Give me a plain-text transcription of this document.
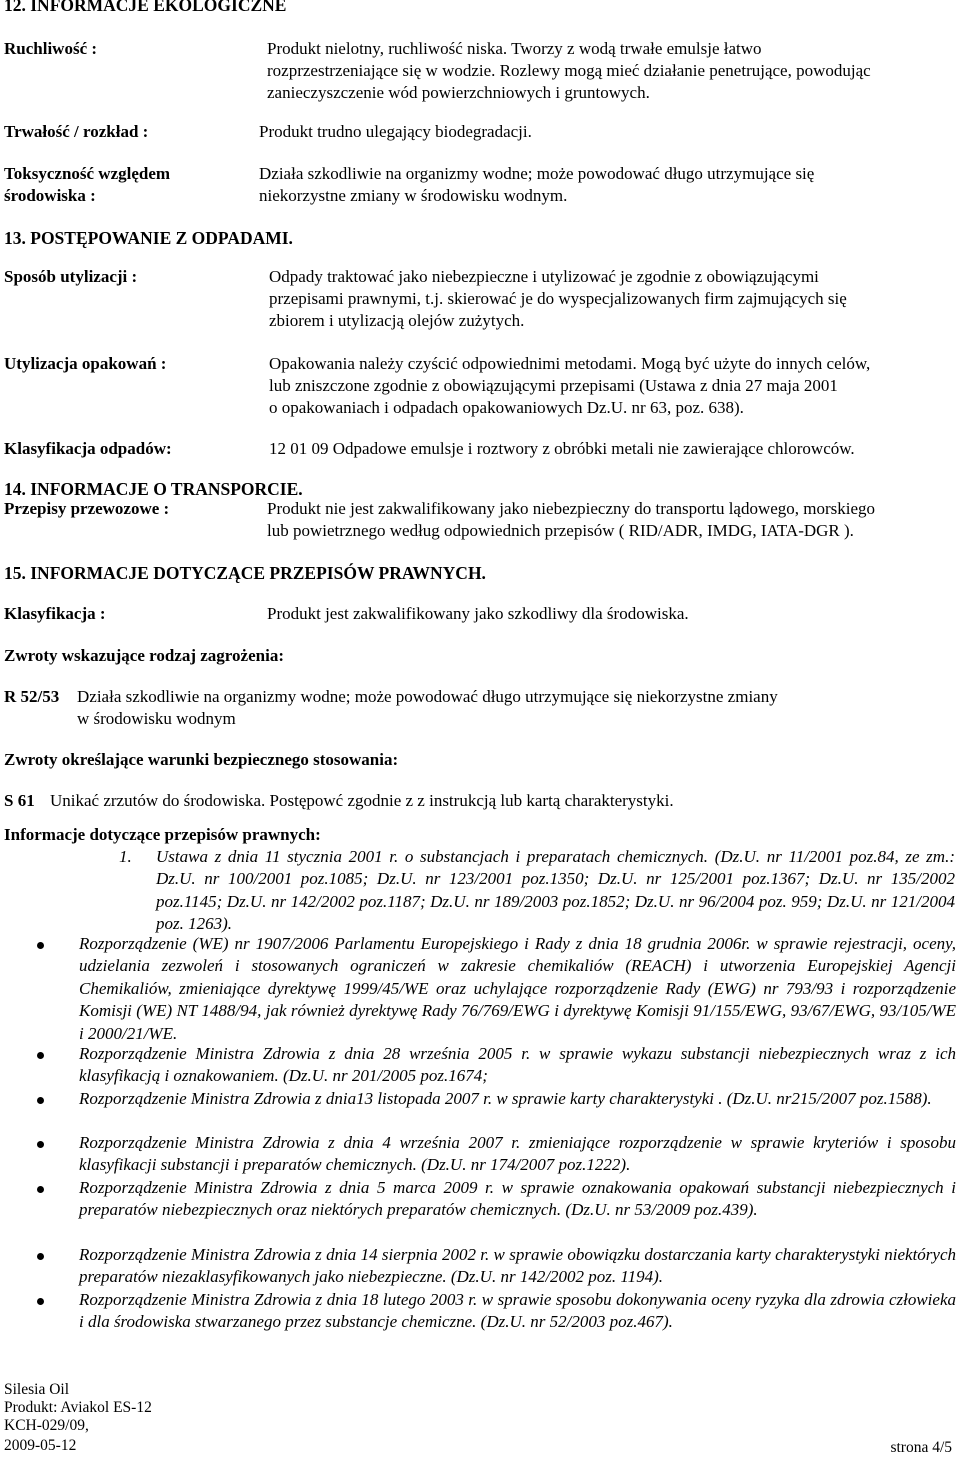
12. INFORMACJE EKOLOGICZNE
Ruchliwość :	Produkt nielotny, ruchliwość niska. Tworzy z wodą trwałe emulsje łatwo
rozprzestrzeniające się w wodzie. Rozlewy mogą mieć działanie penetrujące, powodując
zanieczyszczenie wód powierzchniowych i gruntowych.
Trwałość / rozkład :	Produkt trudno ulegający biodegradacji.
Toksyczność względem
środowiska :
Działa szkodliwie na organizmy wodne; może powodować długo utrzymujące się
niekorzystne zmiany w środowisku wodnym.
13. POSTĘPOWANIE Z ODPADAMI.
Sposób utylizacji :	Odpady traktować jako niebezpieczne i utylizować je zgodnie z obowiązującymi
przepisami prawnymi, t.j. skierować je do wyspecjalizowanych firm zajmujących się
zbiorem i utylizacją olejów zużytych.
Utylizacja opakowań :	Opakowania należy czyścić odpowiednimi metodami. Mogą być użyte do innych celów,
lub zniszczone zgodnie z obowiązującymi przepisami (Ustawa z dnia 27 maja 2001
o opakowaniach i odpadach opakowaniowych Dz.U. nr 63, poz. 638).
Klasyfikacja odpadów:	12 01 09 Odpadowe emulsje i roztwory z obróbki metali nie zawierające chlorowców.
14. INFORMACJE O TRANSPORCIE.
Przepisy przewozowe :	Produkt nie jest zakwalifikowany jako niebezpieczny do transportu lądowego, morskiego
lub powietrznego według odpowiednich przepisów ( RID/ADR, IMDG, IATA-DGR ).
15. INFORMACJE DOTYCZĄCE PRZEPISÓW PRAWNYCH.
Klasyfikacja :	Produkt jest zakwalifikowany jako szkodliwy dla środowiska.
Zwroty wskazujące rodzaj zagrożenia:
R 52/53 Działa szkodliwie na organizmy wodne; może powodować długo utrzymujące się niekorzystne zmiany
w środowisku wodnym
Zwroty określające warunki bezpiecznego stosowania:
S 61 Unikać zrzutów do środowiska. Postępowć zgodnie z z instrukcją lub kartą charakterystyki.
Informacje dotyczące przepisów prawnych:
1. Ustawa z dnia 11 stycznia 2001 r. o substancjach i preparatach chemicznych. (Dz.U. nr 11/2001 poz.84, ze zm.: Dz.U. nr 100/2001 poz.1085; Dz.U. nr 123/2001 poz.1350; Dz.U. nr 125/2001 poz.1367; Dz.U. nr 135/2002 poz.1145; Dz.U. nr 142/2002 poz.1187; Dz.U. nr 189/2003 poz.1852; Dz.U. nr 96/2004 poz. 959; Dz.U. nr 121/2004 poz. 1263).
Rozporządzenie (WE) nr 1907/2006 Parlamentu Europejskiego i Rady z dnia 18 grudnia 2006r. w sprawie rejestracji, oceny, udzielania zezwoleń i stosowanych ograniczeń w zakresie chemikaliów (REACH) i utworzenia Europejskiej Agencji Chemikaliów, zmieniające dyrektywę 1999/45/WE oraz uchylające rozporządzenie Rady (EWG) nr 793/93 i rozporządzenie Komisji (WE) NT 1488/94, jak również dyrektywę Rady 76/769/EWG i dyrektywę Komisji 91/155/EWG, 93/67/EWG, 93/105/WE i 2000/21/WE.
Rozporządzenie Ministra Zdrowia z dnia 28 września 2005 r. w sprawie wykazu substancji niebezpiecznych wraz z ich klasyfikacją i oznakowaniem. (Dz.U. nr 201/2005 poz.1674;
Rozporządzenie Ministra Zdrowia z dnia13 listopada 2007 r. w sprawie karty charakterystyki . (Dz.U. nr215/2007 poz.1588).
Rozporządzenie Ministra Zdrowia z dnia 4 września 2007 r. zmieniające rozporządzenie w sprawie kryteriów i sposobu klasyfikacji substancji i preparatów chemicznych. (Dz.U. nr 174/2007 poz.1222).
Rozporządzenie Ministra Zdrowia z dnia 5 marca 2009 r. w sprawie oznakowania opakowań substancji niebezpiecznych i preparatów niebezpiecznych oraz niektórych preparatów chemicznych. (Dz.U. nr 53/2009 poz.439).
Rozporządzenie Ministra Zdrowia z dnia 14 sierpnia 2002 r. w sprawie obowiązku dostarczania karty charakterystyki niektórych preparatów niezaklasyfikowanych jako niebezpieczne. (Dz.U. nr 142/2002 poz. 1194).
Rozporządzenie Ministra Zdrowia z dnia 18 lutego 2003 r. w sprawie sposobu dokonywania oceny ryzyka dla zdrowia człowieka i dla środowiska stwarzanego przez substancje chemiczne. (Dz.U. nr 52/2003 poz.467).
Silesia Oil
Produkt: Aviakol ES-12
KCH-029/09,
2009-05-12	strona 4/5
